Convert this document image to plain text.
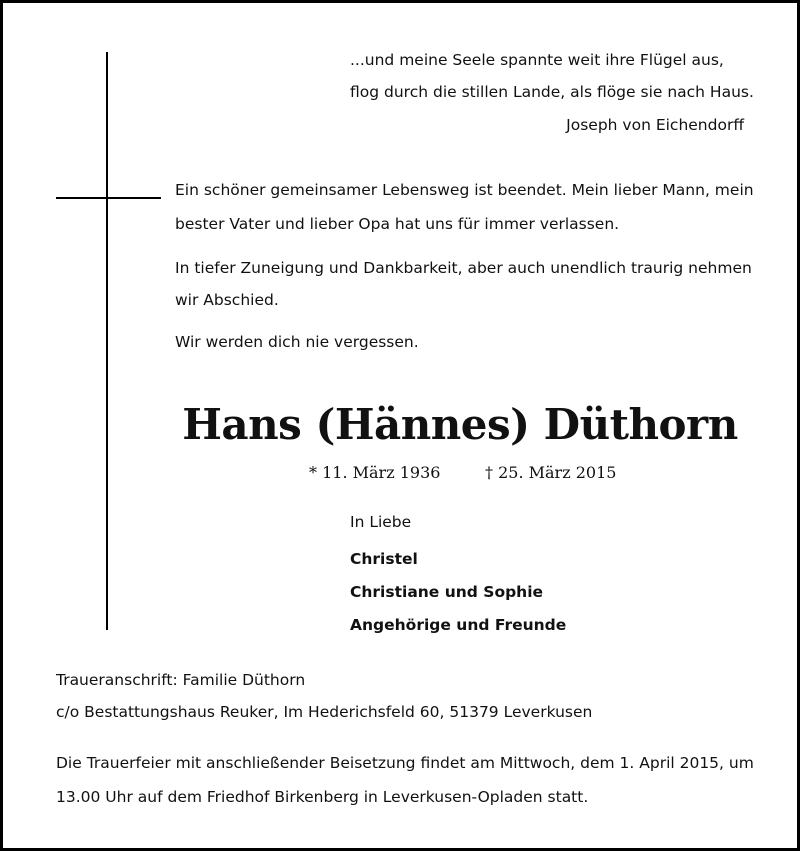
...und meine Seele spannte weit ihre Flügel aus,
flog durch die stillen Lande, als flöge sie nach Haus.
Joseph von Eichendorff
Ein schöner gemeinsamer Lebensweg ist beendet. Mein lieber Mann, mein
bester Vater und lieber Opa hat uns für immer verlassen.
In tiefer Zuneigung und Dankbarkeit, aber auch unendlich traurig nehmen
wir Abschied.
Wir werden dich nie vergessen.
Hans (Hännes) Düthorn
* 11. März 1936	† 25. März 2015
In Liebe
Christel
Christiane und Sophie
Angehörige und Freunde
Traueranschrift: Familie Düthorn
c/o Bestattungshaus Reuker, Im Hederichsfeld 60, 51379 Leverkusen
Die Trauerfeier mit anschließender Beisetzung findet am Mittwoch, dem 1. April 2015, um
13.00 Uhr auf dem Friedhof Birkenberg in Leverkusen-Opladen statt.
